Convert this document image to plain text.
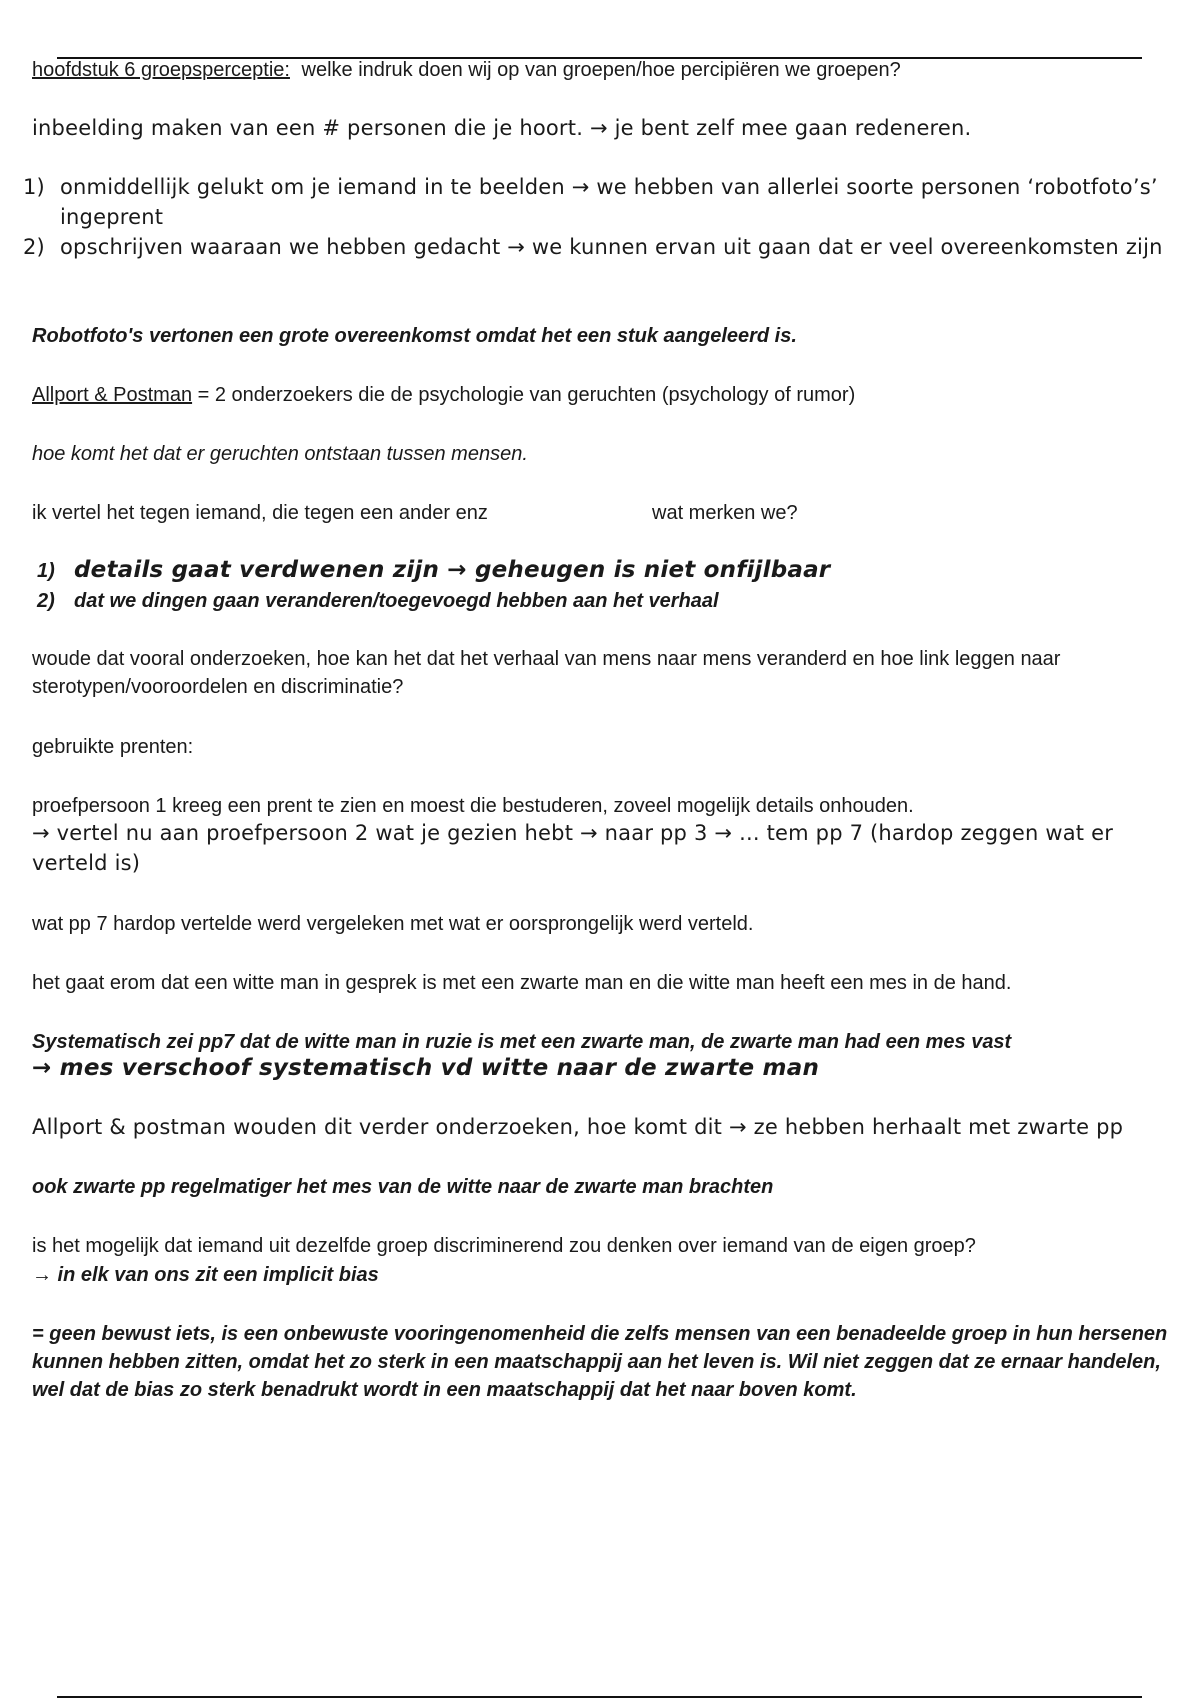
hoofdstuk 6 groepsperceptie: welke indruk doen wij op van groepen/hoe percipiëren we groepen?

inbeelding maken van een # personen die je hoort. → je bent zelf mee gaan redeneren.

1) onmiddellijk gelukt om je iemand in te beelden → we hebben van allerlei soorte personen ‘robotfoto’s’ ingeprent

2) opschrijven waaraan we hebben gedacht → we kunnen ervan uit gaan dat er veel overeenkomsten zijn

Robotfoto's vertonen een grote overeenkomst omdat het een stuk aangeleerd is.

Allport & Postman = 2 onderzoekers die de psychologie van geruchten (psychology of rumor)

hoe komt het dat er geruchten ontstaan tussen mensen.

ik vertel het tegen iemand, die tegen een ander enz	wat merken we?

1) details gaat verdwenen zijn → geheugen is niet onfijlbaar

2) dat we dingen gaan veranderen/toegevoegd hebben aan het verhaal

woude dat vooral onderzoeken, hoe kan het dat het verhaal van mens naar mens veranderd en hoe link leggen naar sterotypen/vooroordelen en discriminatie?

gebruikte prenten:

proefpersoon 1 kreeg een prent te zien en moest die bestuderen, zoveel mogelijk details onhouden.

→ vertel nu aan proefpersoon 2 wat je gezien hebt → naar pp 3 → ... tem pp 7 (hardop zeggen wat er verteld is)

wat pp 7 hardop vertelde werd vergeleken met wat er oorsprongelijk werd verteld.

het gaat erom dat een witte man in gesprek is met een zwarte man en die witte man heeft een mes in de hand.

Systematisch zei pp7 dat de witte man in ruzie is met een zwarte man, de zwarte man had een mes vast

→ mes verschoof systematisch vd witte naar de zwarte man

Allport & postman wouden dit verder onderzoeken, hoe komt dit → ze hebben herhaalt met zwarte pp

ook zwarte pp regelmatiger het mes van de witte naar de zwarte man brachten

is het mogelijk dat iemand uit dezelfde groep discriminerend zou denken over iemand van de eigen groep?

→ in elk van ons zit een implicit bias

= geen bewust iets, is een onbewuste vooringenomenheid die zelfs mensen van een benadeelde groep in hun hersenen kunnen hebben zitten, omdat het zo sterk in een maatschappij aan het leven is. Wil niet zeggen dat ze ernaar handelen, wel dat de bias zo sterk benadrukt wordt in een maatschappij dat het naar boven komt.
